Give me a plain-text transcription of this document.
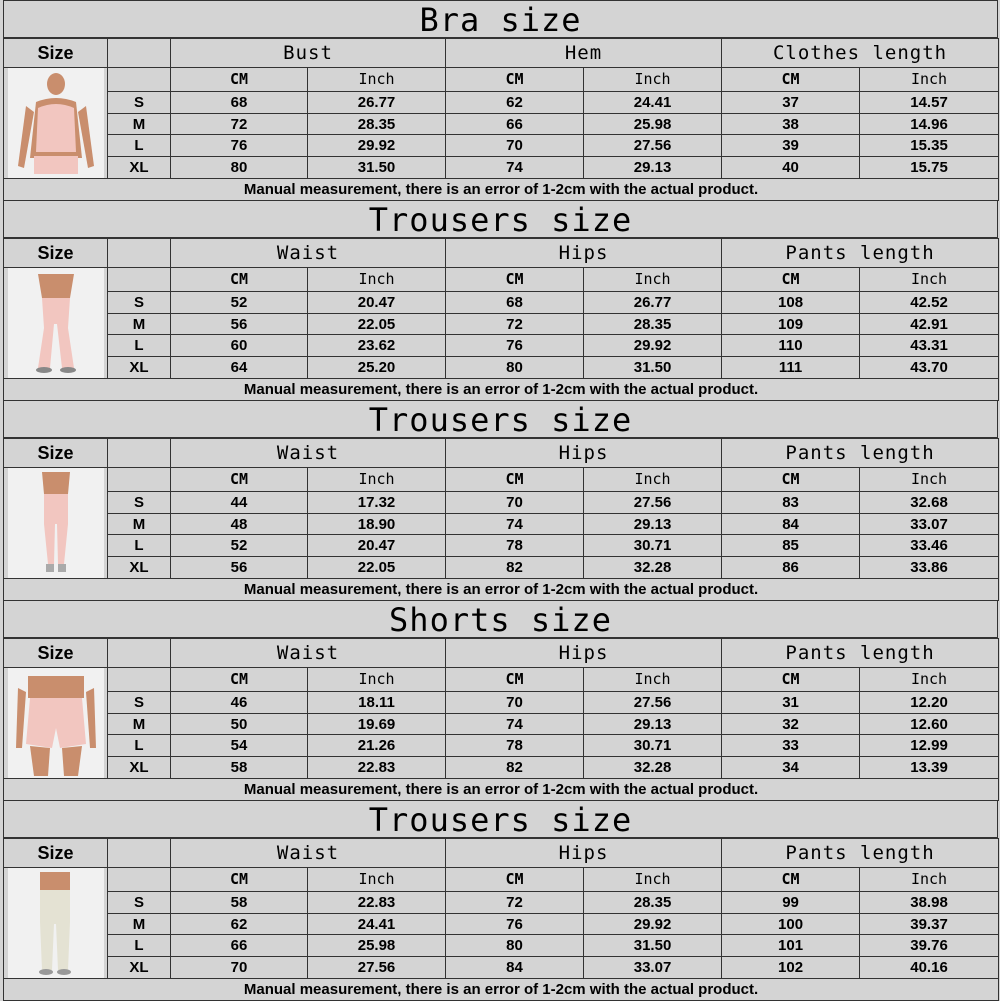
Bra size
Size		Bust		Hem		Clothes length	

		CM	Inch	CM	Inch	CM	Inch
	S	68	26.77	62	24.41	37	14.57
	M	72	28.35	66	25.98	38	14.96
	L	76	29.92	70	27.56	39	15.35
	XL	80	31.50	74	29.13	40	15.75
Manual measurement, there is an error of 1-2cm with the actual product.							
Trousers size
Size		Waist		Hips		Pants length	

		CM	Inch	CM	Inch	CM	Inch
	S	52	20.47	68	26.77	108	42.52
	M	56	22.05	72	28.35	109	42.91
	L	60	23.62	76	29.92	110	43.31
	XL	64	25.20	80	31.50	111	43.70
Manual measurement, there is an error of 1-2cm with the actual product.							
Trousers size
Size		Waist		Hips		Pants length	

		CM	Inch	CM	Inch	CM	Inch
	S	44	17.32	70	27.56	83	32.68
	M	48	18.90	74	29.13	84	33.07
	L	52	20.47	78	30.71	85	33.46
	XL	56	22.05	82	32.28	86	33.86
Manual measurement, there is an error of 1-2cm with the actual product.							
Shorts size
Size		Waist		Hips		Pants length	

		CM	Inch	CM	Inch	CM	Inch
	S	46	18.11	70	27.56	31	12.20
	M	50	19.69	74	29.13	32	12.60
	L	54	21.26	78	30.71	33	12.99
	XL	58	22.83	82	32.28	34	13.39
Manual measurement, there is an error of 1-2cm with the actual product.							
Trousers size
Size		Waist		Hips		Pants length	

		CM	Inch	CM	Inch	CM	Inch
	S	58	22.83	72	28.35	99	38.98
	M	62	24.41	76	29.92	100	39.37
	L	66	25.98	80	31.50	101	39.76
	XL	70	27.56	84	33.07	102	40.16
Manual measurement, there is an error of 1-2cm with the actual product.							
